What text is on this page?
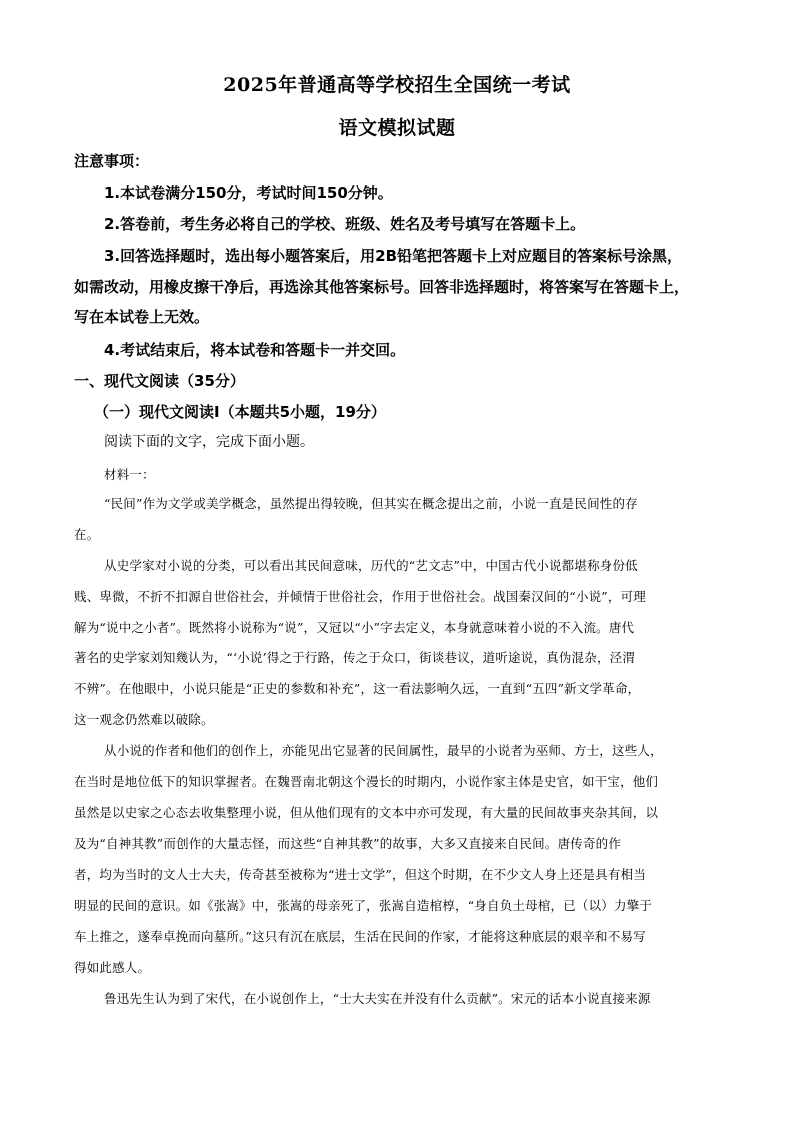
2025年普通高等学校招生全国统一考试
语文模拟试题
注意事项：
1.本试卷满分150分，考试时间150分钟。
2.答卷前，考生务必将自己的学校、班级、姓名及考号填写在答题卡上。
3.回答选择题时，选出每小题答案后，用2B铅笔把答题卡上对应题目的答案标号涂黑，
如需改动，用橡皮擦干净后，再选涂其他答案标号。回答非选择题时，将答案写在答题卡上，
写在本试卷上无效。
4.考试结束后，将本试卷和答题卡一并交回。
一、现代文阅读（35分）
（一）现代文阅读Ⅰ（本题共5小题，19分）
阅读下面的文字，完成下面小题。
材料一：
“民间”作为文学或美学概念，虽然提出得较晚，但其实在概念提出之前，小说一直是民间性的存
在。
从史学家对小说的分类，可以看出其民间意味，历代的“艺文志”中，中国古代小说都堪称身份低
贱、卑微，不折不扣源自世俗社会，并倾情于世俗社会，作用于世俗社会。战国秦汉间的“小说”，可理
解为“说中之小者”。既然将小说称为“说”，又冠以“小”字去定义，本身就意味着小说的不入流。唐代
著名的史学家刘知幾认为，“‘小说’得之于行路，传之于众口，街谈巷议，道听途说，真伪混杂，泾渭
不辨”。在他眼中，小说只能是“正史的参数和补充”，这一看法影响久远，一直到“五四”新文学革命，
这一观念仍然难以破除。
从小说的作者和他们的创作上，亦能见出它显著的民间属性，最早的小说者为巫师、方士，这些人，
在当时是地位低下的知识掌握者。在魏晋南北朝这个漫长的时期内，小说作家主体是史官，如干宝，他们
虽然是以史家之心态去收集整理小说，但从他们现有的文本中亦可发现，有大量的民间故事夹杂其间，以
及为“自神其教”而创作的大量志怪，而这些“自神其教”的故事，大多又直接来自民间。唐传奇的作
者，均为当时的文人士大夫，传奇甚至被称为“进士文学”，但这个时期，在不少文人身上还是具有相当
明显的民间的意识。如《张嵩》中，张嵩的母亲死了，张嵩自造棺椁，“身自负土母棺，已（以）力擎于
车上推之，遂奉卓挽而向墓所。”这只有沉在底层，生活在民间的作家，才能将这种底层的艰辛和不易写
得如此感人。
鲁迅先生认为到了宋代，在小说创作上，“士大夫实在并没有什么贡献”。宋元的话本小说直接来源
